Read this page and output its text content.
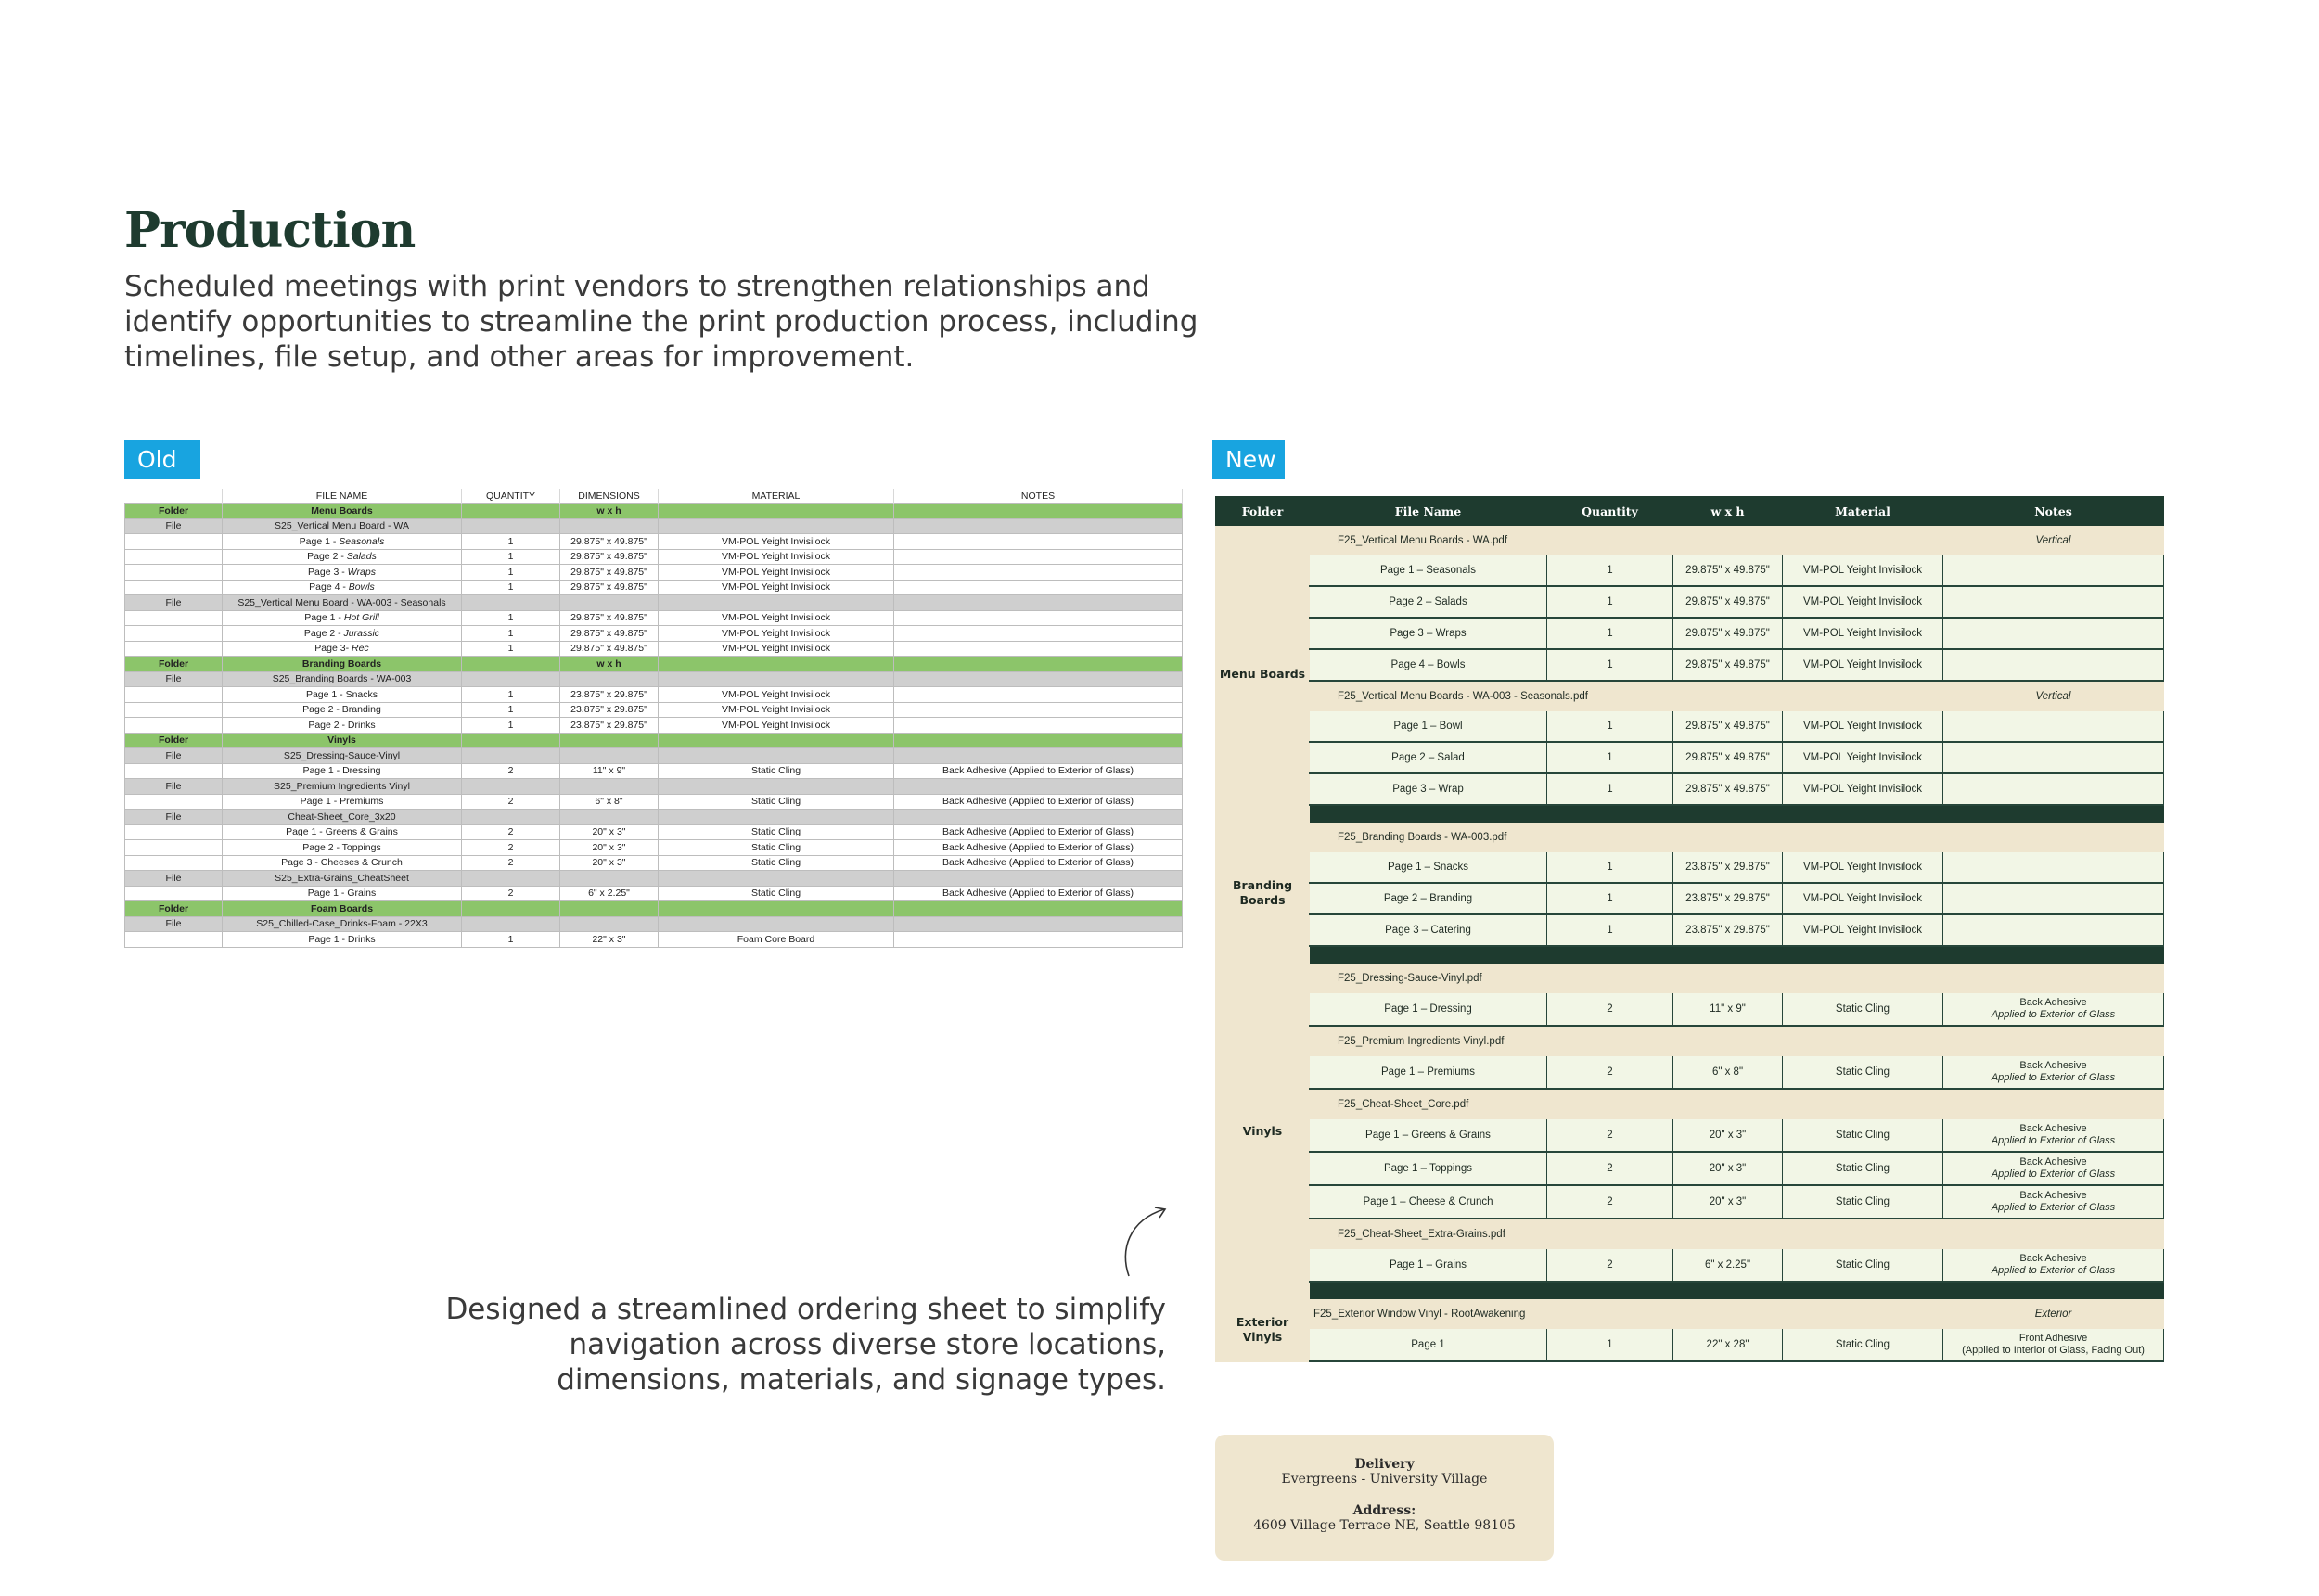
Production
Scheduled meetings with print vendors to strengthen relationships and identify opportunities to streamline the print production process, including timelines, file setup, and other areas for improvement.
Old	New
	FILE NAME	QUANTITY	DIMENSIONS	MATERIAL	NOTES
Folder	Menu Boards		w x h		
File	S25_Vertical Menu Board - WA				
	Page 1 - Seasonals	1	29.875" x 49.875"	VM-POL Yeight Invisilock	
	Page 2 - Salads	1	29.875" x 49.875"	VM-POL Yeight Invisilock	
	Page 3 - Wraps	1	29.875" x 49.875"	VM-POL Yeight Invisilock	
	Page 4 - Bowls	1	29.875" x 49.875"	VM-POL Yeight Invisilock	
File	S25_Vertical Menu Board - WA-003 - Seasonals				
	Page 1 - Hot Grill	1	29.875" x 49.875"	VM-POL Yeight Invisilock	
	Page 2 - Jurassic	1	29.875" x 49.875"	VM-POL Yeight Invisilock	
	Page 3- Rec	1	29.875" x 49.875"	VM-POL Yeight Invisilock	
Folder	Branding Boards		w x h		
File	S25_Branding Boards - WA-003				
	Page 1 - Snacks	1	23.875" x 29.875"	VM-POL Yeight Invisilock	
	Page 2 - Branding	1	23.875" x 29.875"	VM-POL Yeight Invisilock	
	Page 2 - Drinks	1	23.875" x 29.875"	VM-POL Yeight Invisilock	
Folder	Vinyls				
File	S25_Dressing-Sauce-Vinyl				
	Page 1 - Dressing	2	11" x 9"	Static Cling	Back Adhesive (Applied to Exterior of Glass)
File	S25_Premium Ingredients Vinyl				
	Page 1 - Premiums	2	6" x 8"	Static Cling	Back Adhesive (Applied to Exterior of Glass)
File	Cheat-Sheet_Core_3x20				
	Page 1 - Greens & Grains	2	20" x 3"	Static Cling	Back Adhesive (Applied to Exterior of Glass)
	Page 2 - Toppings	2	20" x 3"	Static Cling	Back Adhesive (Applied to Exterior of Glass)
	Page 3 - Cheeses & Crunch	2	20" x 3"	Static Cling	Back Adhesive (Applied to Exterior of Glass)
File	S25_Extra-Grains_CheatSheet				
	Page 1 - Grains	2	6" x 2.25"	Static Cling	Back Adhesive (Applied to Exterior of Glass)
Folder	Foam Boards				
File	S25_Chilled-Case_Drinks-Foam - 22X3				
	Page 1 - Drinks	1	22" x 3"	Foam Core Board	
Folder	File Name	Quantity	w x h	Material	Notes
Menu Boards	F25_Vertical Menu Boards - WA.pdf				Vertical
	Page 1 – Seasonals	1	29.875" x 49.875"	VM-POL Yeight Invisilock	
	Page 2 – Salads	1	29.875" x 49.875"	VM-POL Yeight Invisilock	
	Page 3 – Wraps	1	29.875" x 49.875"	VM-POL Yeight Invisilock	
	Page 4 – Bowls	1	29.875" x 49.875"	VM-POL Yeight Invisilock	
	F25_Vertical Menu Boards - WA-003 - Seasonals.pdf				Vertical
	Page 1 – Bowl	1	29.875" x 49.875"	VM-POL Yeight Invisilock	
	Page 2 – Salad	1	29.875" x 49.875"	VM-POL Yeight Invisilock	
	Page 3 – Wrap	1	29.875" x 49.875"	VM-POL Yeight Invisilock	

Branding Boards	F25_Branding Boards - WA-003.pdf				
	Page 1 – Snacks	1	23.875" x 29.875"	VM-POL Yeight Invisilock	
	Page 2 – Branding	1	23.875" x 29.875"	VM-POL Yeight Invisilock	
	Page 3 – Catering	1	23.875" x 29.875"	VM-POL Yeight Invisilock	

Vinyls	F25_Dressing-Sauce-Vinyl.pdf				
	Page 1 – Dressing	2	11" x 9"	Static Cling	Back Adhesive
Applied to Exterior of Glass

	F25_Premium Ingredients Vinyl.pdf				
	Page 1 – Premiums	2	6" x 8"	Static Cling	Back Adhesive
Applied to Exterior of Glass

	F25_Cheat-Sheet_Core.pdf				
	Page 1 – Greens & Grains	2	20" x 3"	Static Cling	Back Adhesive
Applied to Exterior of Glass

	Page 1 – Toppings	2	20" x 3"	Static Cling	Back Adhesive
Applied to Exterior of Glass

	Page 1 – Cheese & Crunch	2	20" x 3"	Static Cling	Back Adhesive
Applied to Exterior of Glass

	F25_Cheat-Sheet_Extra-Grains.pdf				
	Page 1 – Grains	2	6" x 2.25"	Static Cling	Back Adhesive
Applied to Exterior of Glass

Exterior Vinyls	F25_Exterior Window Vinyl - RootAwakening				Exterior
	Page 1	1	22" x 28"	Static Cling	Front Adhesive
(Applied to Interior of Glass, Facing Out)
Designed a streamlined ordering sheet to simplify navigation across diverse store locations, dimensions, materials, and signage types.
Delivery
Evergreens - University Village
Address:
4609 Village Terrace NE, Seattle 98105
